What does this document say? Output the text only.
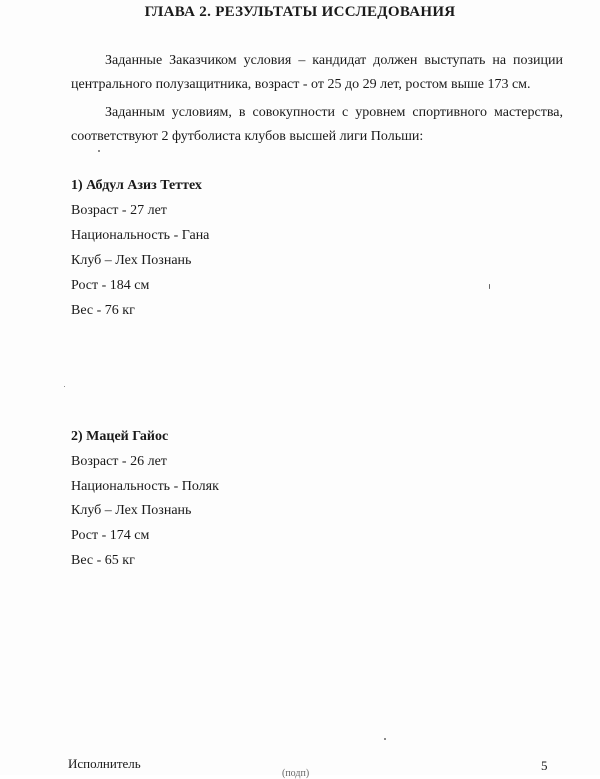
ГЛАВА 2. РЕЗУЛЬТАТЫ ИССЛЕДОВАНИЯ
Заданные Заказчиком условия – кандидат должен выступать на позиции центрального полузащитника, возраст - от 25 до 29 лет, ростом выше 173 см.
Заданным условиям, в совокупности с уровнем спортивного мастерства, соответствуют 2 футболиста клубов высшей лиги Польши:
1) Абдул Азиз Теттех
Возраст - 27 лет
Национальность - Гана
Клуб – Лех Познань
Рост - 184 см
Вес - 76 кг
2) Мацей Гайос
Возраст - 26 лет
Национальность - Поляк
Клуб – Лех Познань
Рост - 174 см
Вес - 65 кг
Исполнитель
(подп)
5
